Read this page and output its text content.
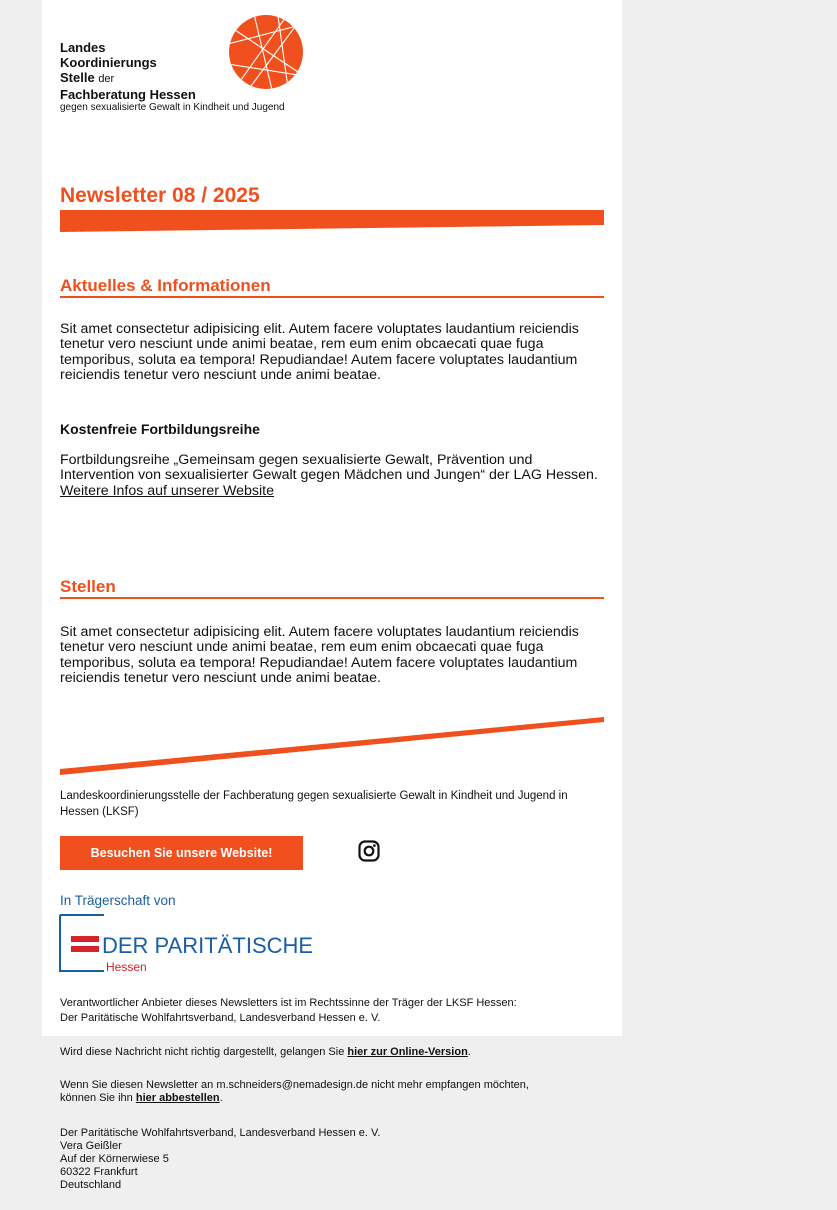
Landes
Koordinierungs
Stelle der
Fachberatung Hessen
gegen sexualisierte Gewalt in Kindheit und Jugend
Newsletter 08 / 2025
Aktuelles & Informationen
Sit amet consectetur adipisicing elit. Autem facere voluptates laudantium reiciendis tenetur vero nesciunt unde animi beatae, rem eum enim obcaecati quae fuga temporibus, soluta ea tempora! Repudiandae! Autem facere voluptates laudantium reiciendis tenetur vero nesciunt unde animi beatae.
Kostenfreie Fortbildungsreihe
Fortbildungsreihe „Gemeinsam gegen sexualisierte Gewalt, Prävention und Intervention von sexualisierter Gewalt gegen Mädchen und Jungen“ der LAG Hessen.
Weitere Infos auf unserer Website
Stellen
Sit amet consectetur adipisicing elit. Autem facere voluptates laudantium reiciendis tenetur vero nesciunt unde animi beatae, rem eum enim obcaecati quae fuga temporibus, soluta ea tempora! Repudiandae! Autem facere voluptates laudantium reiciendis tenetur vero nesciunt unde animi beatae.
Landeskoordinierungsstelle der Fachberatung gegen sexualisierte Gewalt in Kindheit und Jugend in Hessen (LKSF)
Besuchen Sie unsere Website!
In Trägerschaft von
DER PARITÄTISCHE
Hessen
Verantwortlicher Anbieter dieses Newsletters ist im Rechtssinne der Träger der LKSF Hessen:
Der Paritätische Wohlfahrtsverband, Landesverband Hessen e. V.
Wird diese Nachricht nicht richtig dargestellt, gelangen Sie hier zur Online-Version.
Wenn Sie diesen Newsletter an m.schneiders@nemadesign.de nicht mehr empfangen möchten,
können Sie ihn hier abbestellen.
Der Paritätische Wohlfahrtsverband, Landesverband Hessen e. V.
Vera Geißler
Auf der Körnerwiese 5
60322 Frankfurt
Deutschland
